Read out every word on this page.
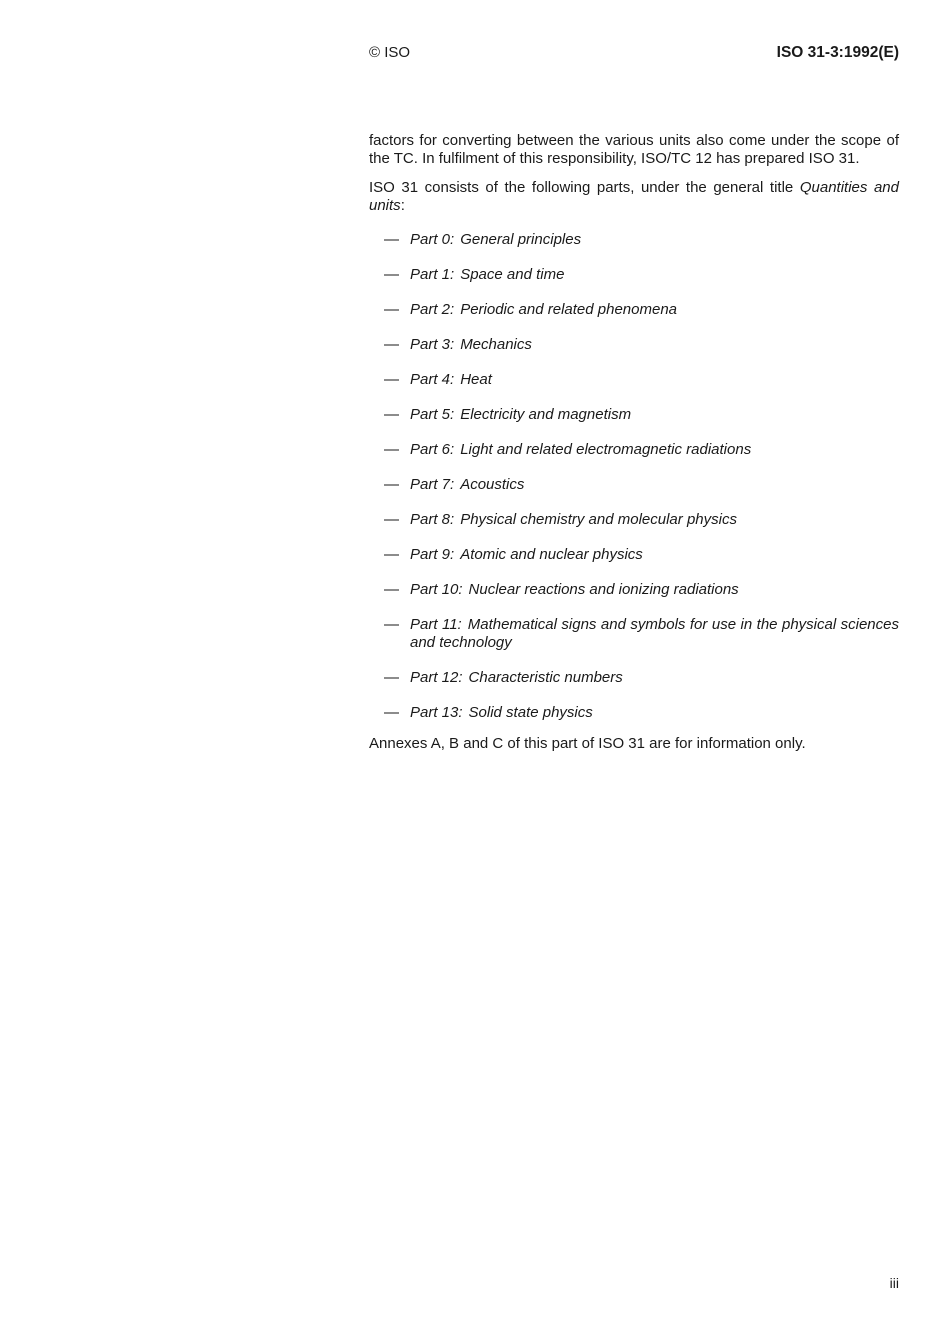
© ISO	ISO 31-3:1992(E)

factors for converting between the various units also come under the scope of the TC. In fulfilment of this responsibility, ISO/TC 12 has prepared ISO 31.

ISO 31 consists of the following parts, under the general title Quantities and units:

— Part 0: General principles
— Part 1: Space and time
— Part 2: Periodic and related phenomena
— Part 3: Mechanics
— Part 4: Heat
— Part 5: Electricity and magnetism
— Part 6: Light and related electromagnetic radiations
— Part 7: Acoustics
— Part 8: Physical chemistry and molecular physics
— Part 9: Atomic and nuclear physics
— Part 10: Nuclear reactions and ionizing radiations
— Part 11: Mathematical signs and symbols for use in the physical sciences and technology
— Part 12: Characteristic numbers
— Part 13: Solid state physics

Annexes A, B and C of this part of ISO 31 are for information only.

iii
